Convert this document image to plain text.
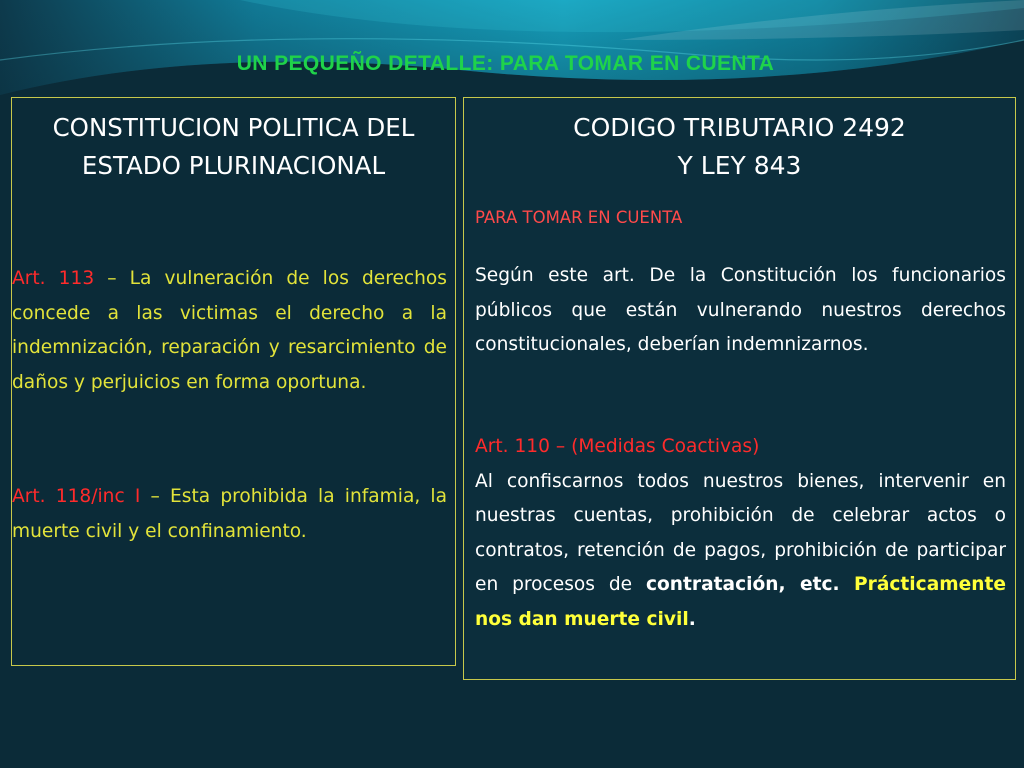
UN PEQUEÑO DETALLE: PARA TOMAR EN CUENTA
CONSTITUCION POLITICA DEL
ESTADO PLURINACIONAL

Art. 113 – La vulneración de los derechos concede a las victimas el derecho a la indemnización, reparación y resarcimiento de daños y perjuicios en forma oportuna.

Art. 118/inc I – Esta prohibida la infamia, la muerte civil y el confinamiento.

CODIGO TRIBUTARIO 2492
Y LEY 843

PARA TOMAR EN CUENTA

Según este art. De la Constitución los funcionarios públicos que están vulnerando nuestros derechos constitucionales, deberían indemnizarnos.

Art. 110 – (Medidas Coactivas)
Al confiscarnos todos nuestros bienes, intervenir en nuestras cuentas, prohibición de celebrar actos o contratos, retención de pagos, prohibición de participar en procesos de contratación, etc. Prácticamente nos dan muerte civil.
